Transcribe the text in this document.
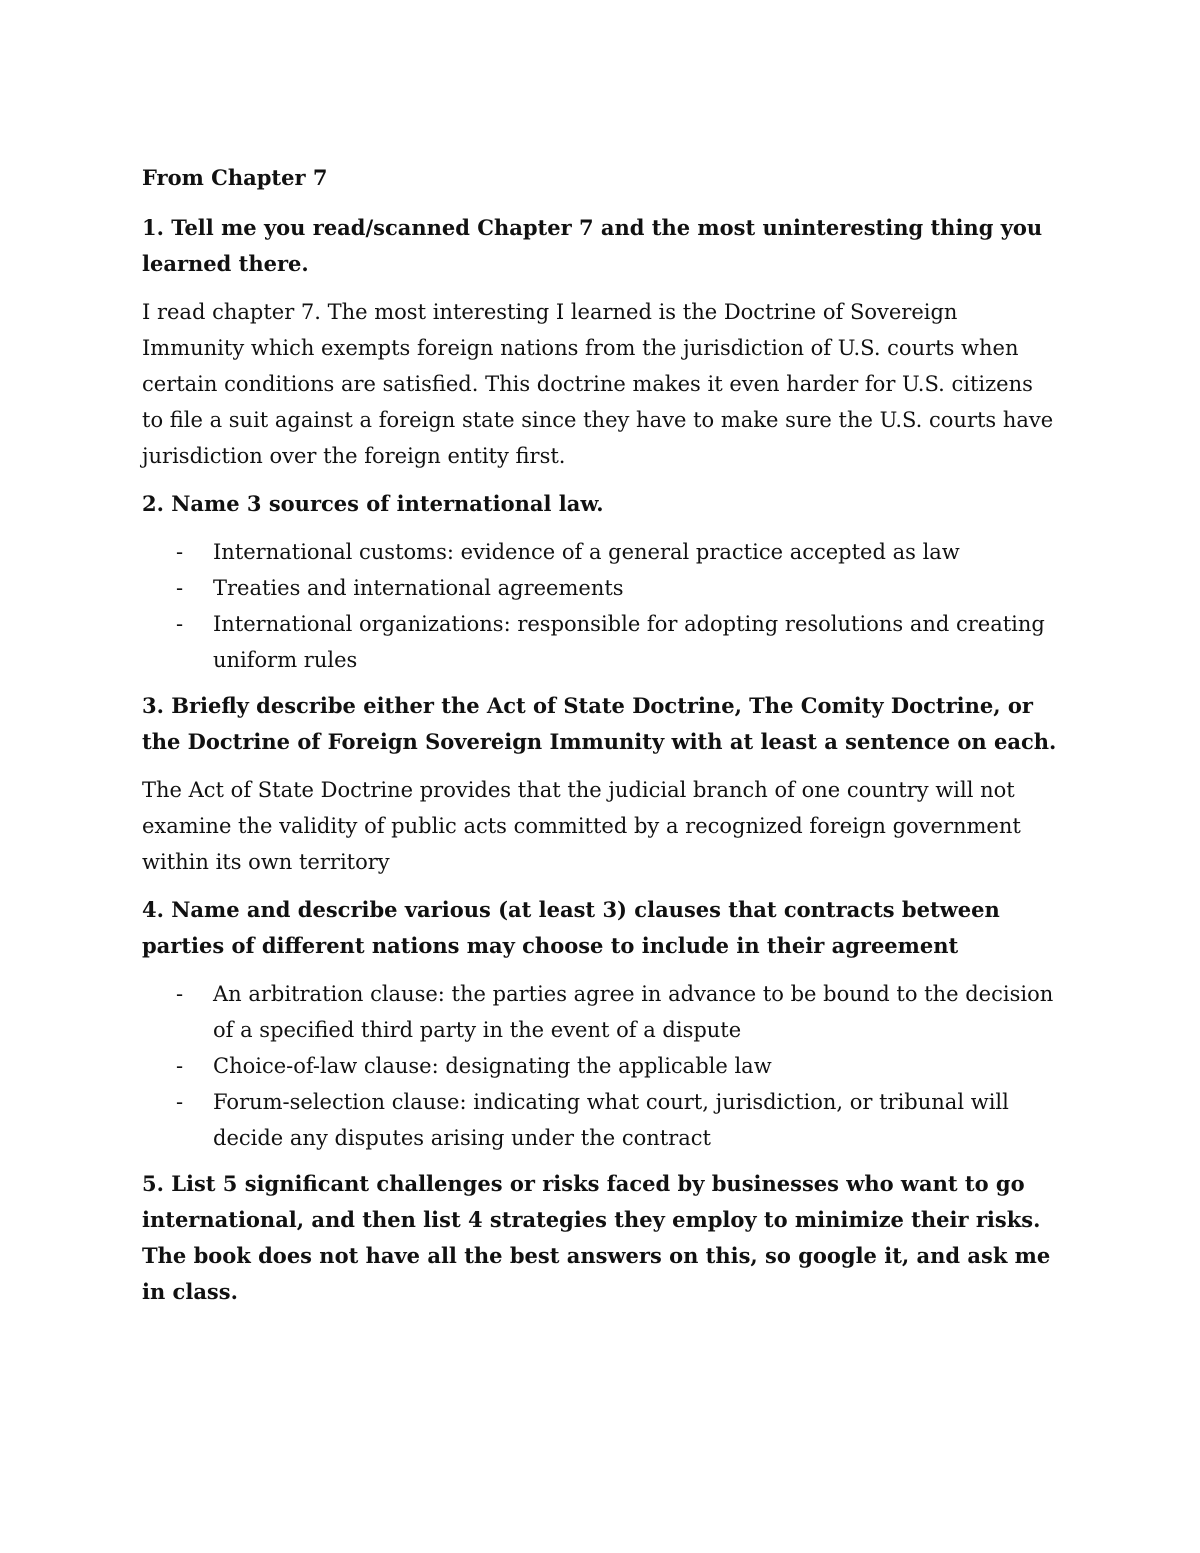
From Chapter 7
1. Tell me you read/scanned Chapter 7 and the most uninteresting thing you learned there.
I read chapter 7. The most interesting I learned is the Doctrine of Sovereign Immunity which exempts foreign nations from the jurisdiction of U.S. courts when certain conditions are satisfied. This doctrine makes it even harder for U.S. citizens to file a suit against a foreign state since they have to make sure the U.S. courts have jurisdiction over the foreign entity first.
2. Name 3 sources of international law.
- International customs: evidence of a general practice accepted as law
- Treaties and international agreements
- International organizations: responsible for adopting resolutions and creating uniform rules
3. Briefly describe either the Act of State Doctrine, The Comity Doctrine, or the Doctrine of Foreign Sovereign Immunity with at least a sentence on each.
The Act of State Doctrine provides that the judicial branch of one country will not examine the validity of public acts committed by a recognized foreign government within its own territory
4. Name and describe various (at least 3) clauses that contracts between parties of different nations may choose to include in their agreement
- An arbitration clause: the parties agree in advance to be bound to the decision of a specified third party in the event of a dispute
- Choice-of-law clause: designating the applicable law
- Forum-selection clause: indicating what court, jurisdiction, or tribunal will decide any disputes arising under the contract
5. List 5 significant challenges or risks faced by businesses who want to go international, and then list 4 strategies they employ to minimize their risks. The book does not have all the best answers on this, so google it, and ask me in class.
